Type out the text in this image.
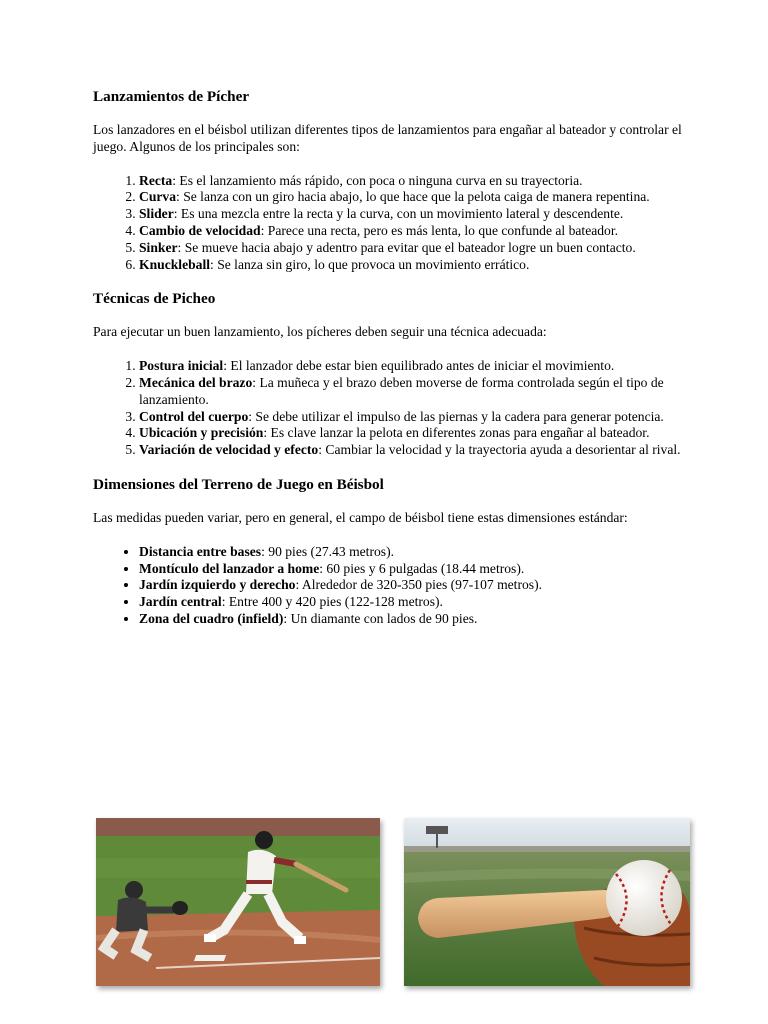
Lanzamientos de Pícher

Los lanzadores en el béisbol utilizan diferentes tipos de lanzamientos para engañar al bateador y controlar el juego. Algunos de los principales son:

1. Recta: Es el lanzamiento más rápido, con poca o ninguna curva en su trayectoria.
2. Curva: Se lanza con un giro hacia abajo, lo que hace que la pelota caiga de manera repentina.
3. Slider: Es una mezcla entre la recta y la curva, con un movimiento lateral y descendente.
4. Cambio de velocidad: Parece una recta, pero es más lenta, lo que confunde al bateador.
5. Sinker: Se mueve hacia abajo y adentro para evitar que el bateador logre un buen contacto.
6. Knuckleball: Se lanza sin giro, lo que provoca un movimiento errático.
Técnicas de Picheo

Para ejecutar un buen lanzamiento, los pícheres deben seguir una técnica adecuada:

1. Postura inicial: El lanzador debe estar bien equilibrado antes de iniciar el movimiento.
2. Mecánica del brazo: La muñeca y el brazo deben moverse de forma controlada según el tipo de lanzamiento.
3. Control del cuerpo: Se debe utilizar el impulso de las piernas y la cadera para generar potencia.
4. Ubicación y precisión: Es clave lanzar la pelota en diferentes zonas para engañar al bateador.
5. Variación de velocidad y efecto: Cambiar la velocidad y la trayectoria ayuda a desorientar al rival.
Dimensiones del Terreno de Juego en Béisbol

Las medidas pueden variar, pero en general, el campo de béisbol tiene estas dimensiones estándar:

• Distancia entre bases: 90 pies (27.43 metros).
• Montículo del lanzador a home: 60 pies y 6 pulgadas (18.44 metros).
• Jardín izquierdo y derecho: Alrededor de 320-350 pies (97-107 metros).
• Jardín central: Entre 400 y 420 pies (122-128 metros).
• Zona del cuadro (infield): Un diamante con lados de 90 pies.
